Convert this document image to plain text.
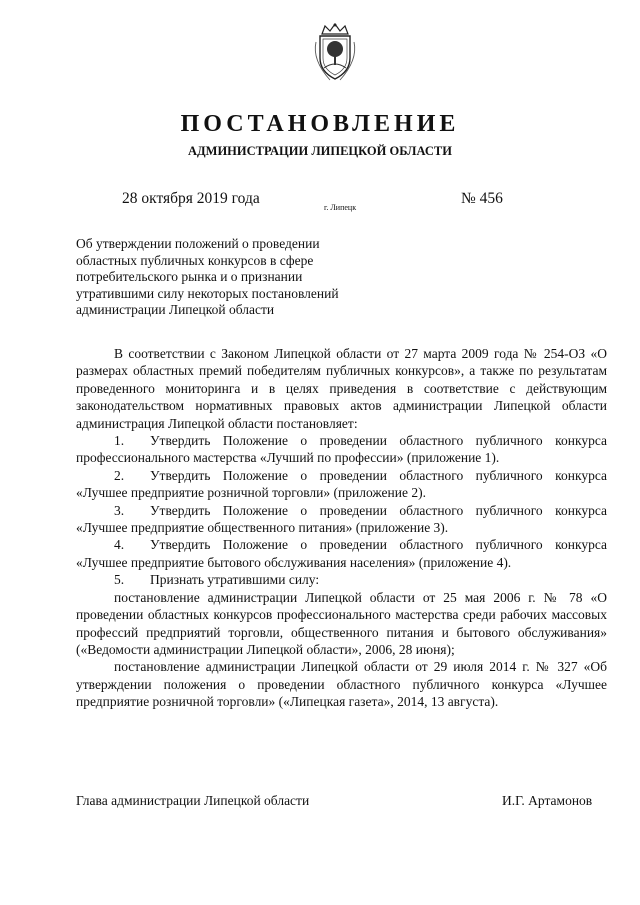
ПОСТАНОВЛЕНИЕ
АДМИНИСТРАЦИИ ЛИПЕЦКОЙ ОБЛАСТИ
28 октября 2019 года
г. Липецк
№ 456
Об утверждении положений о проведении
областных публичных конкурсов в сфере
потребительского рынка и о признании
утратившими силу некоторых постановлений
администрации Липецкой области

В соответствии с Законом Липецкой области от 27 марта 2009 года № 254-ОЗ «О размерах областных премий победителям публичных конкурсов», а также по результатам проведенного мониторинга и в целях приведения в соответствие с действующим законодательством нормативных правовых актов администрации Липецкой области администрация Липецкой области постановляет:

1. Утвердить Положение о проведении областного публичного конкурса профессионального мастерства «Лучший по профессии» (приложение 1).

2. Утвердить Положение о проведении областного публичного конкурса «Лучшее предприятие розничной торговли» (приложение 2).

3. Утвердить Положение о проведении областного публичного конкурса «Лучшее предприятие общественного питания» (приложение 3).

4. Утвердить Положение о проведении областного публичного конкурса «Лучшее предприятие бытового обслуживания населения» (приложение 4).

5. Признать утратившими силу:

постановление администрации Липецкой области от 25 мая 2006 г. № 78 «О проведении областных конкурсов профессионального мастерства среди рабочих массовых профессий предприятий торговли, общественного питания и бытового обслуживания» («Ведомости администрации Липецкой области», 2006, 28 июня);

постановление администрации Липецкой области от 29 июля 2014 г. № 327 «Об утверждении положения о проведении областного публичного конкурса «Лучшее предприятие розничной торговли» («Липецкая газета», 2014, 13 августа).

Глава администрации Липецкой области	И.Г. Артамонов
